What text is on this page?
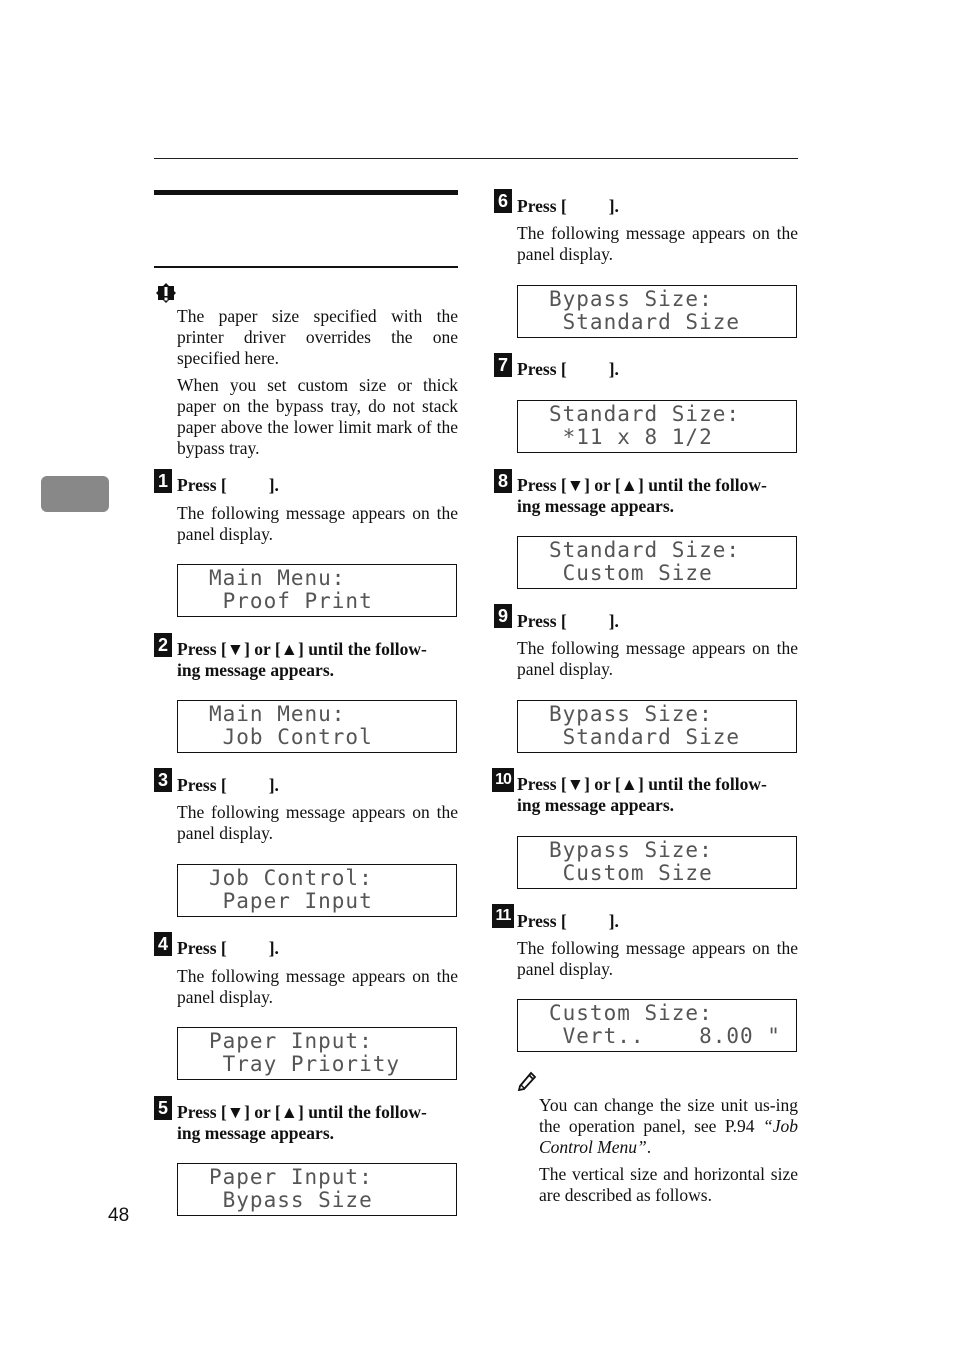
48
The paper size specified with the printer driver overrides the one specified here.
When you set custom size or thick paper on the bypass tray, do not stack paper above the lower limit mark of the bypass tray.
1 Press [ ].
The following message appears on the panel display.
Main Menu:
Proof Print
2 Press [▼] or [▲] until the follow-
ing message appears.
Main Menu:
Job Control
3 Press [ ].
The following message appears on the panel display.
Job Control:
Paper Input
4 Press [ ].
The following message appears on the panel display.
Paper Input:
Tray Priority
5 Press [▼] or [▲] until the follow-
ing message appears.
Paper Input:
Bypass Size
6 Press [ ].
The following message appears on the panel display.
Bypass Size:
Standard Size
7 Press [ ].
Standard Size:
*11 x 8 1/2
8 Press [▼] or [▲] until the follow-
ing message appears.
Standard Size:
Custom Size
9 Press [ ].
The following message appears on the panel display.
Bypass Size:
Standard Size
10 Press [▼] or [▲] until the follow-
ing message appears.
Bypass Size:
Custom Size
11 Press [ ].
The following message appears on the panel display.
Custom Size:
Vert..    8.00 "
You can change the size unit us-ing the operation panel, see P.94 “Job Control Menu”.
The vertical size and horizontal size are described as follows.
